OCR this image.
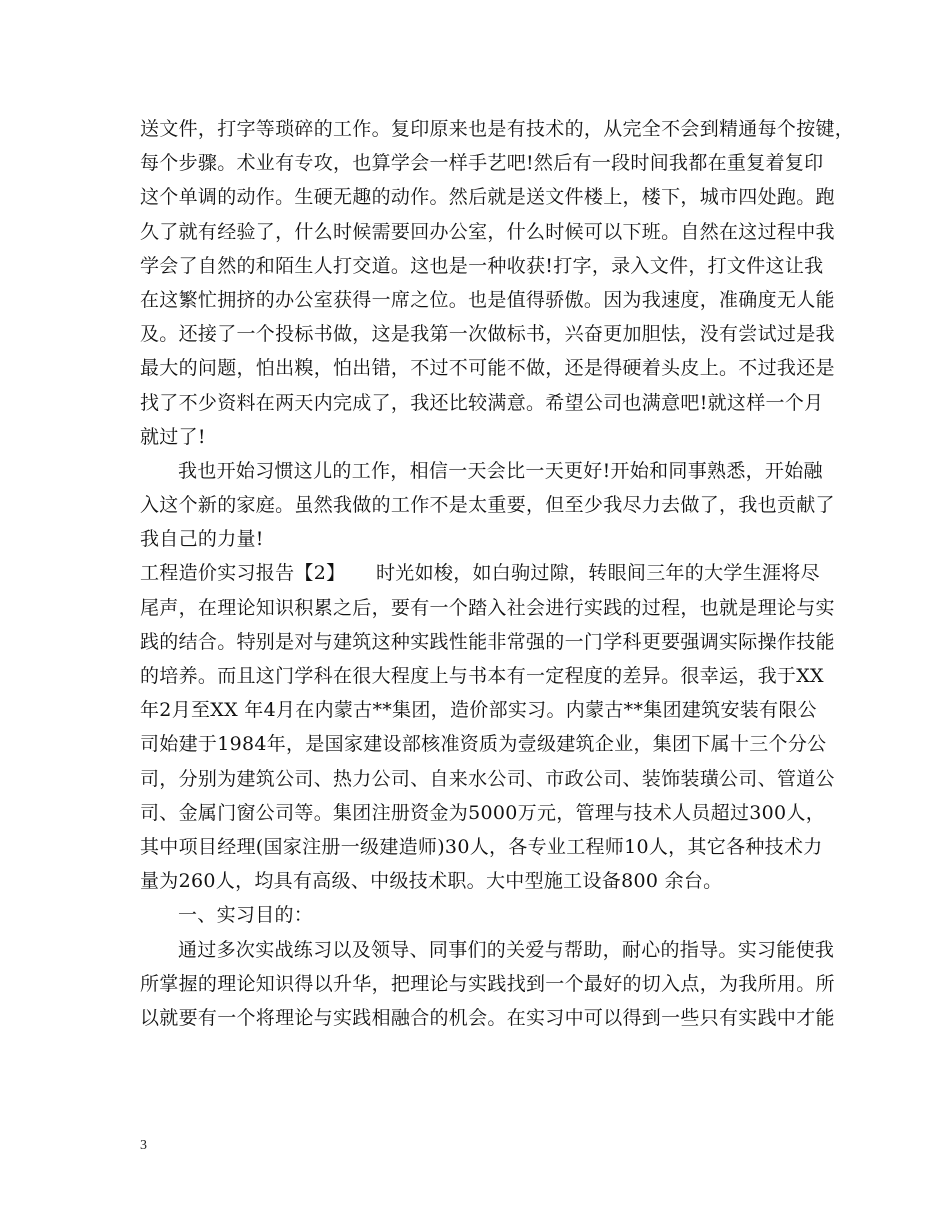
送文件，打字等琐碎的工作。复印原来也是有技术的，从完全不会到精通每个按键，
每个步骤。术业有专攻，也算学会一样手艺吧!然后有一段时间我都在重复着复印
这个单调的动作。生硬无趣的动作。然后就是送文件楼上，楼下，城市四处跑。跑
久了就有经验了，什么时候需要回办公室，什么时候可以下班。自然在这过程中我
学会了自然的和陌生人打交道。这也是一种收获!打字，录入文件，打文件这让我
在这繁忙拥挤的办公室获得一席之位。也是值得骄傲。因为我速度，准确度无人能
及。还接了一个投标书做，这是我第一次做标书，兴奋更加胆怯，没有尝试过是我
最大的问题，怕出糗，怕出错，不过不可能不做，还是得硬着头皮上。不过我还是
找了不少资料在两天内完成了，我还比较满意。希望公司也满意吧!就这样一个月
就过了!
我也开始习惯这儿的工作，相信一天会比一天更好!开始和同事熟悉，开始融
入这个新的家庭。虽然我做的工作不是太重要，但至少我尽力去做了，我也贡献了
我自己的力量!
工程造价实习报告【2】 时光如梭，如白驹过隙，转眼间三年的大学生涯将尽
尾声，在理论知识积累之后，要有一个踏入社会进行实践的过程，也就是理论与实
践的结合。特别是对与建筑这种实践性能非常强的一门学科更要强调实际操作技能
的培养。而且这门学科在很大程度上与书本有一定程度的差异。很幸运，我于XX
年2月至XX 年4月在内蒙古**集团，造价部实习。内蒙古**集团建筑安装有限公
司始建于1984年，是国家建设部核准资质为壹级建筑企业，集团下属十三个分公
司，分别为建筑公司、热力公司、自来水公司、市政公司、装饰装璜公司、管道公
司、金属门窗公司等。集团注册资金为5000万元，管理与技术人员超过300人，
其中项目经理(国家注册一级建造师)30人，各专业工程师10人，其它各种技术力
量为260人，均具有高级、中级技术职。大中型施工设备800 余台。
一、实习目的：
通过多次实战练习以及领导、同事们的关爱与帮助，耐心的指导。实习能使我
所掌握的理论知识得以升华，把理论与实践找到一个最好的切入点，为我所用。所
以就要有一个将理论与实践相融合的机会。在实习中可以得到一些只有实践中才能
3
